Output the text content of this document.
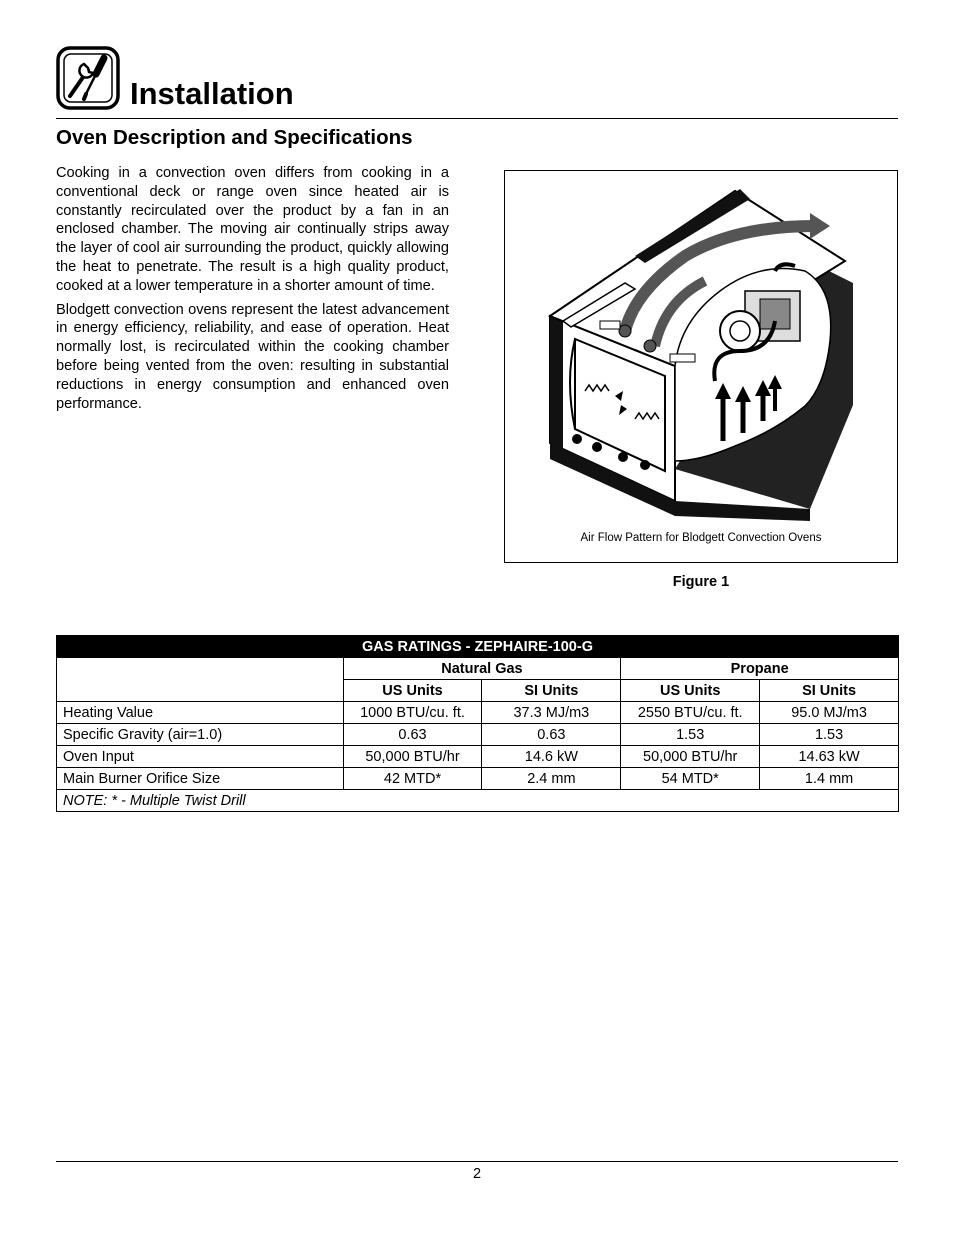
Installation
Oven Description and Specifications

Cooking in a convection oven differs from cooking in a conventional deck or range oven since heated air is constantly recirculated over the product by a fan in an enclosed chamber. The moving air continually strips away the layer of cool air surrounding the product, quickly allowing the heat to penetrate. The result is a high quality product, cooked at a lower temperature in a shorter amount of time.

Blodgett convection ovens represent the latest advancement in energy efficiency, reliability, and ease of operation. Heat normally lost, is recirculated within the cooking chamber before being vented from the oven: resulting in substantial reductions in energy consumption and enhanced oven performance.

Air Flow Pattern for Blodgett Convection Ovens
Figure 1
GAS RATINGS - ZEPHAIRE-100-G				
	Natural Gas		Propane	
	US Units	SI Units	US Units	SI Units
Heating Value	1000 BTU/cu. ft.	37.3 MJ/m3	2550 BTU/cu. ft.	95.0 MJ/m3
Specific Gravity (air=1.0)	0.63	0.63	1.53	1.53
Oven Input	50,000 BTU/hr	14.6 kW	50,000 BTU/hr	14.63 kW
Main Burner Orifice Size	42 MTD*	2.4 mm	54 MTD*	1.4 mm
NOTE: * - Multiple Twist Drill				
2
